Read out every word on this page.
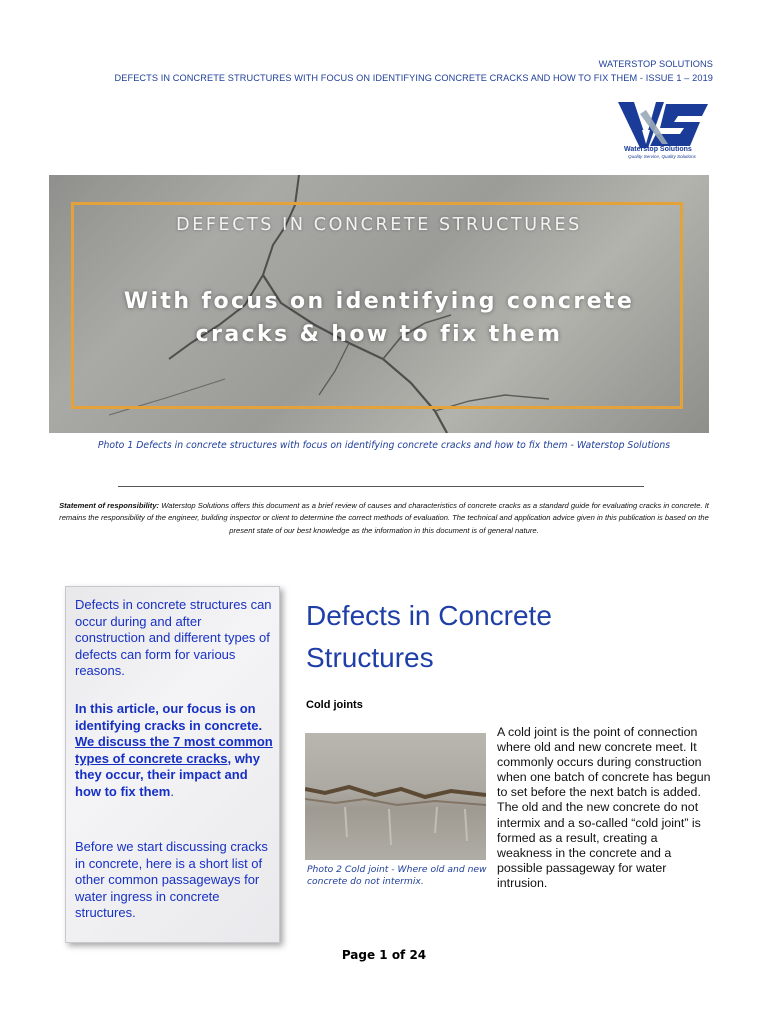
WATERSTOP SOLUTIONS
DEFECTS IN CONCRETE STRUCTURES WITH FOCUS ON IDENTIFYING CONCRETE CRACKS AND HOW TO FIX THEM - ISSUE 1 – 2019
Waterstop Solutions
Quality Service, Quality Solutions
DEFECTS IN CONCRETE STRUCTURES
With focus on identifying concrete
cracks & how to fix them
Photo 1 Defects in concrete structures with focus on identifying concrete cracks and how to fix them - Waterstop Solutions
Statement of responsibility: Waterstop Solutions offers this document as a brief review of causes and characteristics of concrete cracks as a standard guide for evaluating cracks in concrete. It remains the responsibility of the engineer, building inspector or client to determine the correct methods of evaluation. The technical and application advice given in this publication is based on the present state of our best knowledge as the information in this document is of general nature.
Defects in concrete structures can occur during and after construction and different types of defects can form for various reasons.
In this article, our focus is on identifying cracks in concrete. We discuss the 7 most common types of concrete cracks, why they occur, their impact and how to fix them.
Before we start discussing cracks in concrete, here is a short list of other common passageways for water ingress in concrete structures.
Defects in Concrete Structures
Cold joints
Photo 2 Cold joint - Where old and new concrete do not intermix.
A cold joint is the point of connection where old and new concrete meet. It commonly occurs during construction when one batch of concrete has begun to set before the next batch is added. The old and the new concrete do not intermix and a so-called “cold joint” is formed as a result, creating a weakness in the concrete and a possible passageway for water intrusion.
Page 1 of 24
